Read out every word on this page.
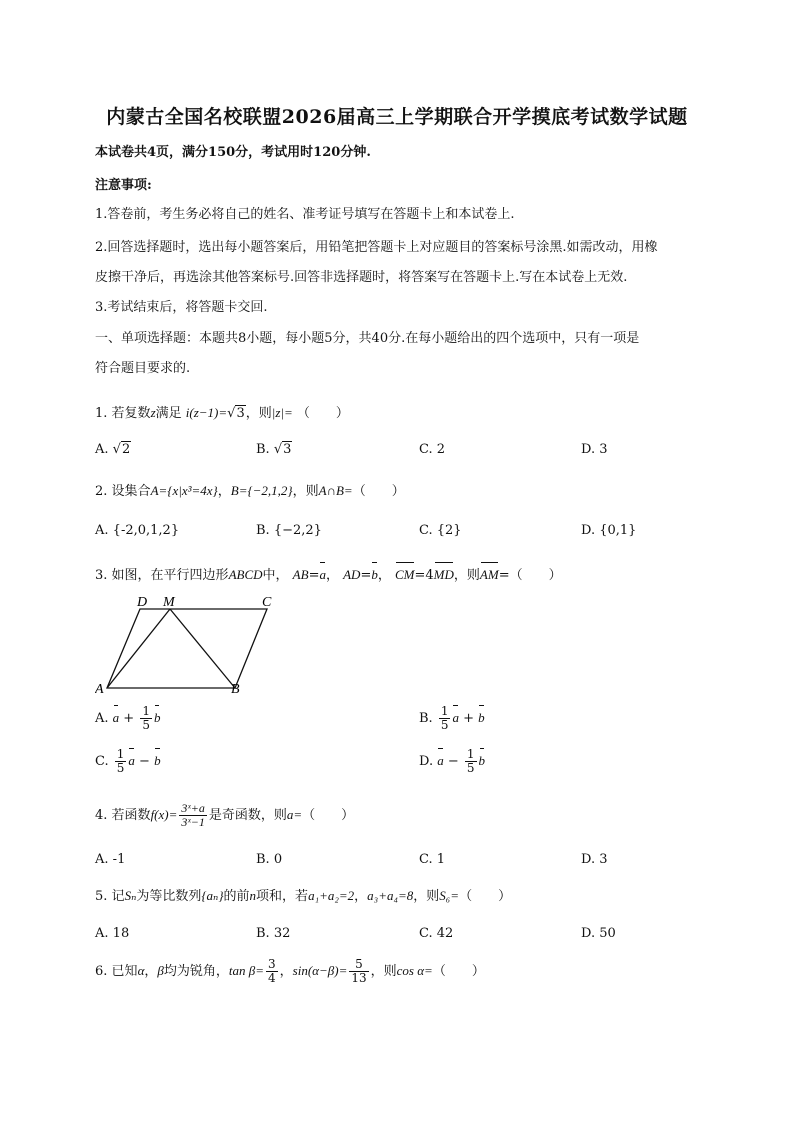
内蒙古全国名校联盟2026届高三上学期联合开学摸底考试数学试题
本试卷共4页，满分150分，考试用时120分钟.
注意事项:
1.答卷前，考生务必将自己的姓名、准考证号填写在答题卡上和本试卷上.
2.回答选择题时，选出每小题答案后，用铅笔把答题卡上对应题目的答案标号涂黑.如需改动，用橡
皮擦干净后，再选涂其他答案标号.回答非选择题时，将答案写在答题卡上.写在本试卷上无效.
3.考试结束后，将答题卡交回.
一、单项选择题：本题共8小题，每小题5分，共40分.在每小题给出的四个选项中，只有一项是
符合题目要求的.
1. 若复数z满足 i(z−1)=√3，则|z|= （　　）
A. √2	B. √3	C. 2	D. 3
2. 设集合A={x|x³=4x}，B={−2,1,2}，则A∩B=（　　）
A. {-2,0,1,2}	B. {−2,2}	C. {2}	D. {0,1}
3. 如图，在平行四边形ABCD中， AB=a， AD=b， CM=4MD，则AM=（　　）
A	B
C
D M
A. $a + \frac{1}{5}$ b	B. $\frac{1}{5}$ a + b
C. $\frac{1}{5}$ a − b	D. $a - \frac{1}{5}$ b
4. 若函数$f(x)= \frac{\text{3ˣ+a}}{\text{3ˣ−1}}$ 是奇函数，则a=（　　）
A. -1	B. 0	C. 1	D. 3
5. 记Sₙ为等比数列{aₙ}的前n项和，若a₁+a₂=2，a₃+a₄=8，则S₆=（　　）
A. 18	B. 32	C. 42	D. 50
6. 已知α，β均为锐角，$\tan \beta= \frac{3}{4}$ ，$\sin(\alpha-\beta)= \frac{5}{13}$ ，则cos α=（　　）
